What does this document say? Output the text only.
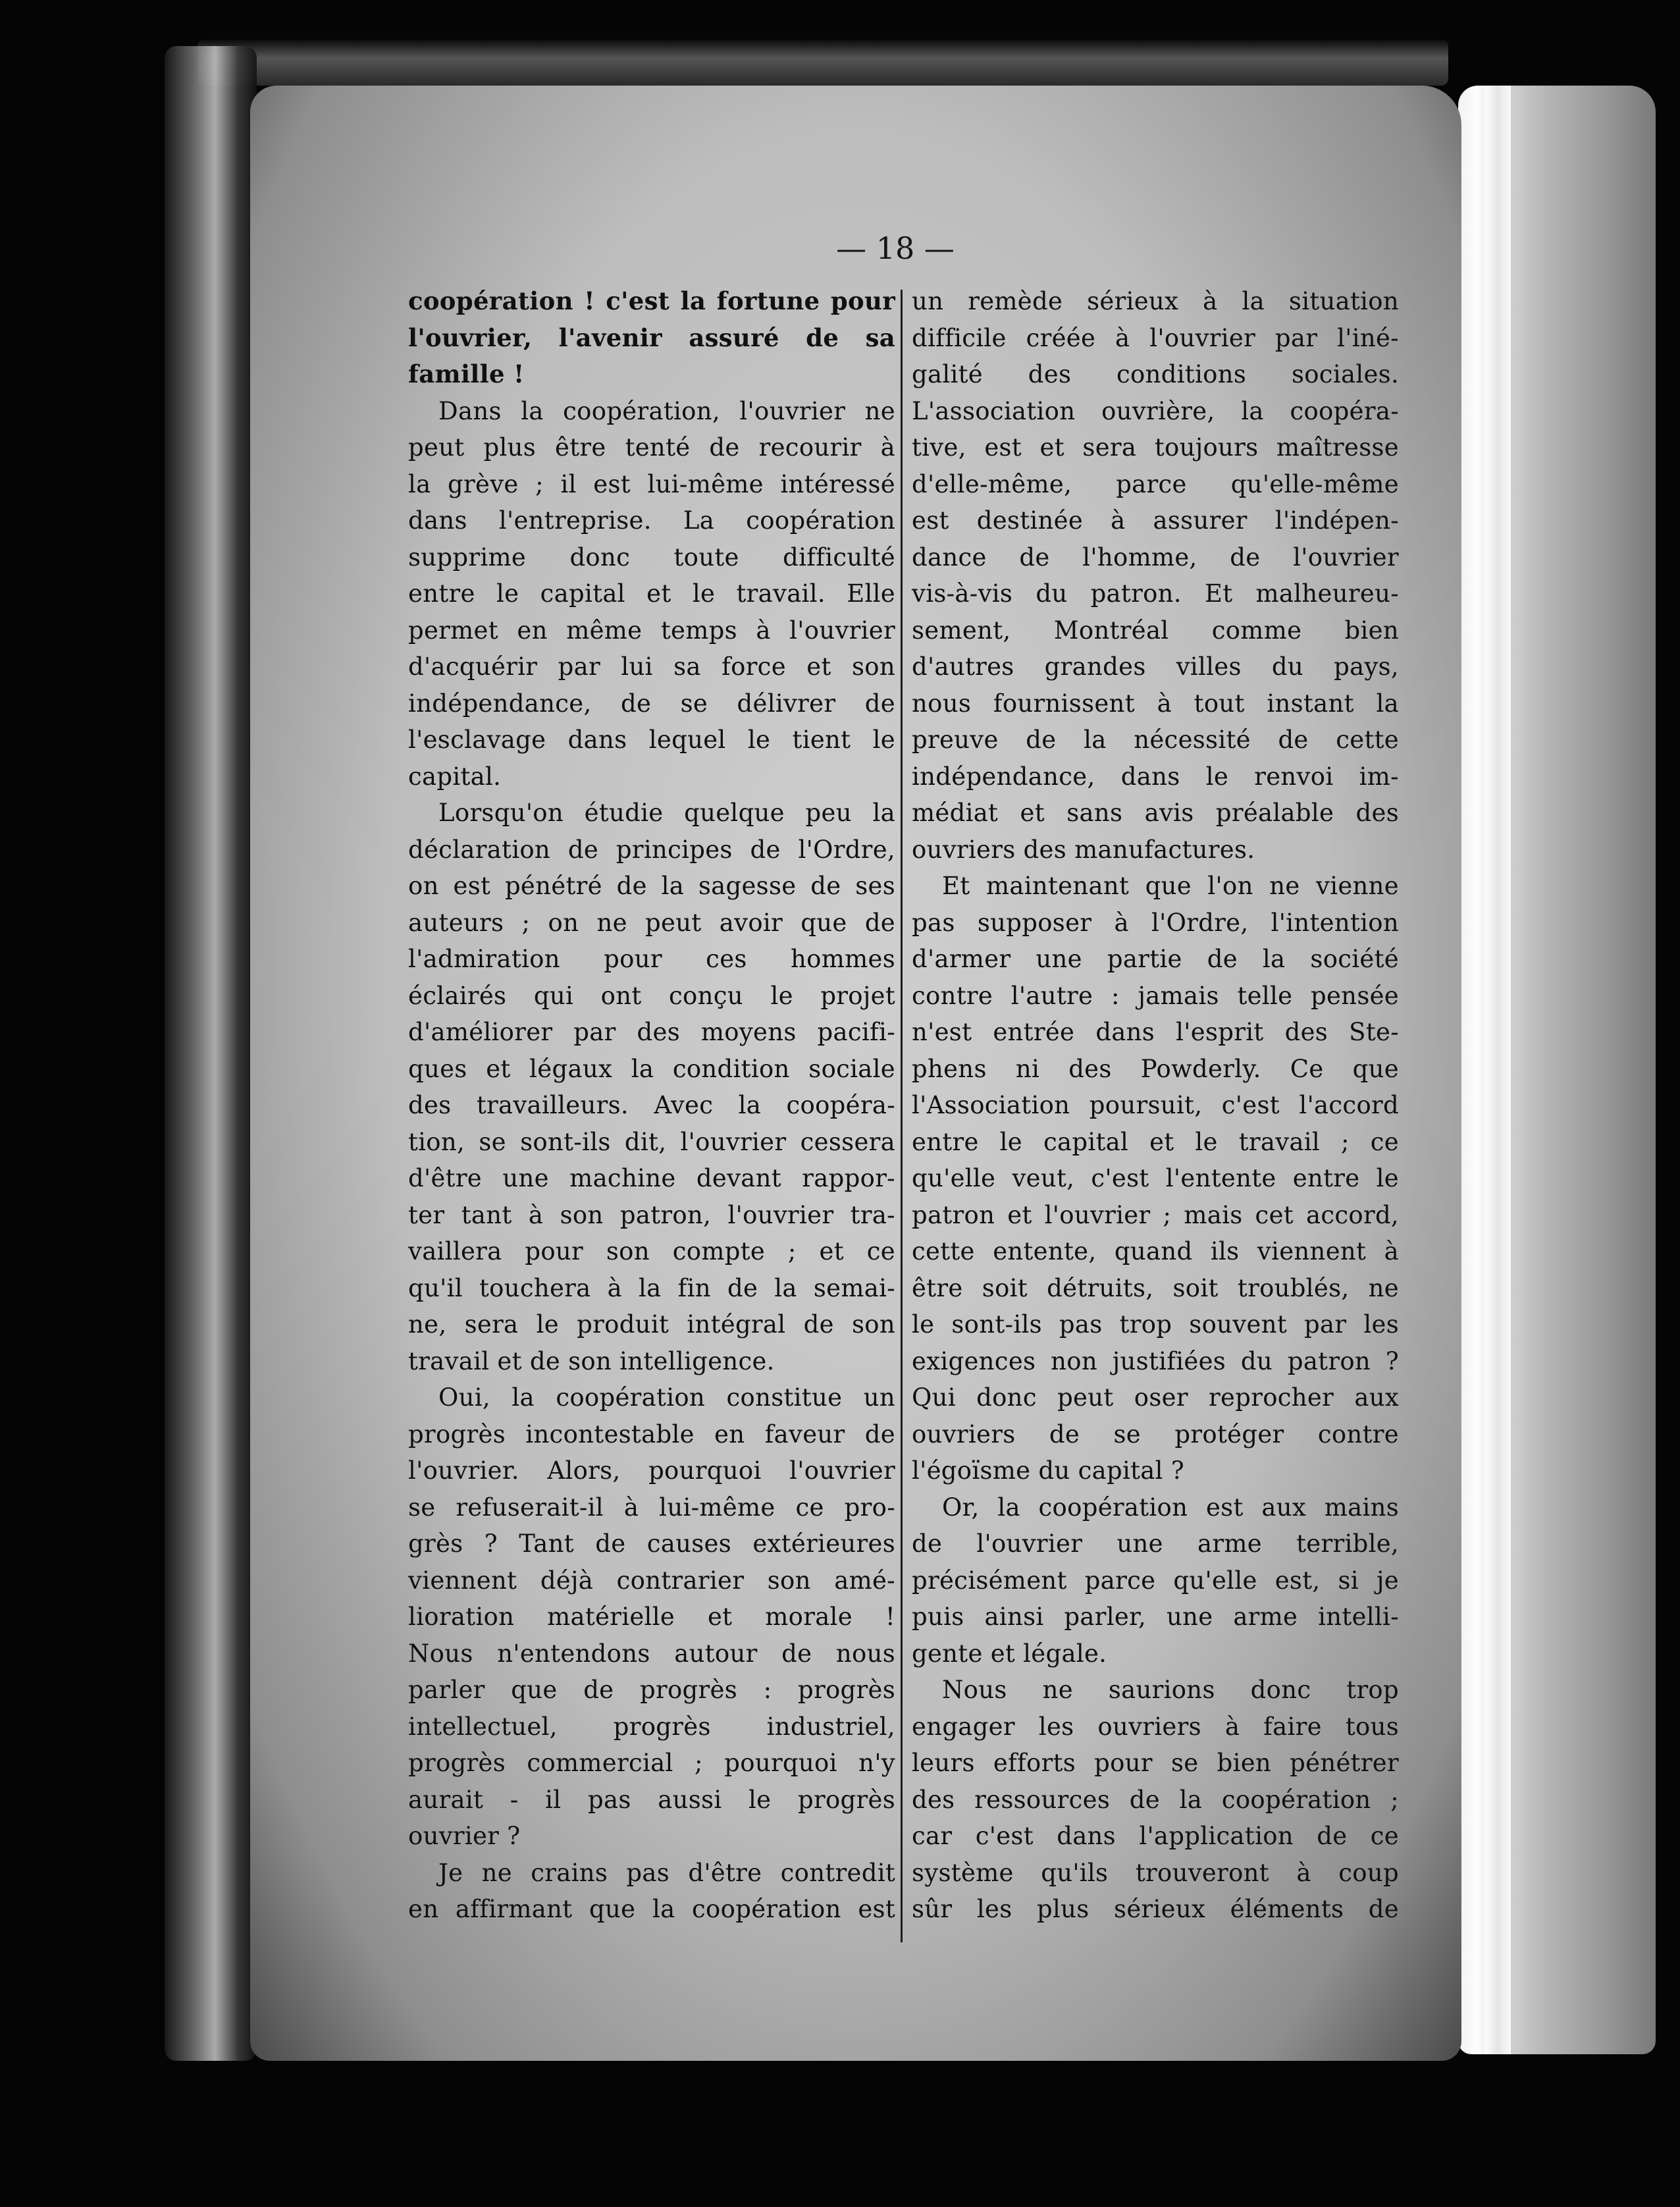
— 18 —
coopération ! c'est la fortune pour
l'ouvrier, l'avenir assuré de sa
famille !
Dans la coopération, l'ouvrier ne
peut plus être tenté de recourir à
la grève ; il est lui-même intéressé
dans l'entreprise. La coopération
supprime donc toute difficulté
entre le capital et le travail. Elle
permet en même temps à l'ouvrier
d'acquérir par lui sa force et son
indépendance, de se délivrer de
l'esclavage dans lequel le tient le
capital.
Lorsqu'on étudie quelque peu la
déclaration de principes de l'Ordre,
on est pénétré de la sagesse de ses
auteurs ; on ne peut avoir que de
l'admiration pour ces hommes
éclairés qui ont conçu le projet
d'améliorer par des moyens pacifi-
ques et légaux la condition sociale
des travailleurs. Avec la coopéra-
tion, se sont-ils dit, l'ouvrier cessera
d'être une machine devant rappor-
ter tant à son patron, l'ouvrier tra-
vaillera pour son compte ; et ce
qu'il touchera à la fin de la semai-
ne, sera le produit intégral de son
travail et de son intelligence.
Oui, la coopération constitue un
progrès incontestable en faveur de
l'ouvrier. Alors, pourquoi l'ouvrier
se refuserait-il à lui-même ce pro-
grès ? Tant de causes extérieures
viennent déjà contrarier son amé-
lioration matérielle et morale !
Nous n'entendons autour de nous
parler que de progrès : progrès
intellectuel, progrès industriel,
progrès commercial ; pourquoi n'y
aurait - il pas aussi le progrès
ouvrier ?
Je ne crains pas d'être contredit
en affirmant que la coopération est
un remède sérieux à la situation
difficile créée à l'ouvrier par l'iné-
galité des conditions sociales.
L'association ouvrière, la coopéra-
tive, est et sera toujours maîtresse
d'elle-même, parce qu'elle-même
est destinée à assurer l'indépen-
dance de l'homme, de l'ouvrier
vis-à-vis du patron. Et malheureu-
sement, Montréal comme bien
d'autres grandes villes du pays,
nous fournissent à tout instant la
preuve de la nécessité de cette
indépendance, dans le renvoi im-
médiat et sans avis préalable des
ouvriers des manufactures.
Et maintenant que l'on ne vienne
pas supposer à l'Ordre, l'intention
d'armer une partie de la société
contre l'autre : jamais telle pensée
n'est entrée dans l'esprit des Ste-
phens ni des Powderly. Ce que
l'Association poursuit, c'est l'accord
entre le capital et le travail ; ce
qu'elle veut, c'est l'entente entre le
patron et l'ouvrier ; mais cet accord,
cette entente, quand ils viennent à
être soit détruits, soit troublés, ne
le sont-ils pas trop souvent par les
exigences non justifiées du patron ?
Qui donc peut oser reprocher aux
ouvriers de se protéger contre
l'égoïsme du capital ?
Or, la coopération est aux mains
de l'ouvrier une arme terrible,
précisément parce qu'elle est, si je
puis ainsi parler, une arme intelli-
gente et légale.
Nous ne saurions donc trop
engager les ouvriers à faire tous
leurs efforts pour se bien pénétrer
des ressources de la coopération ;
car c'est dans l'application de ce
système qu'ils trouveront à coup
sûr les plus sérieux éléments de
